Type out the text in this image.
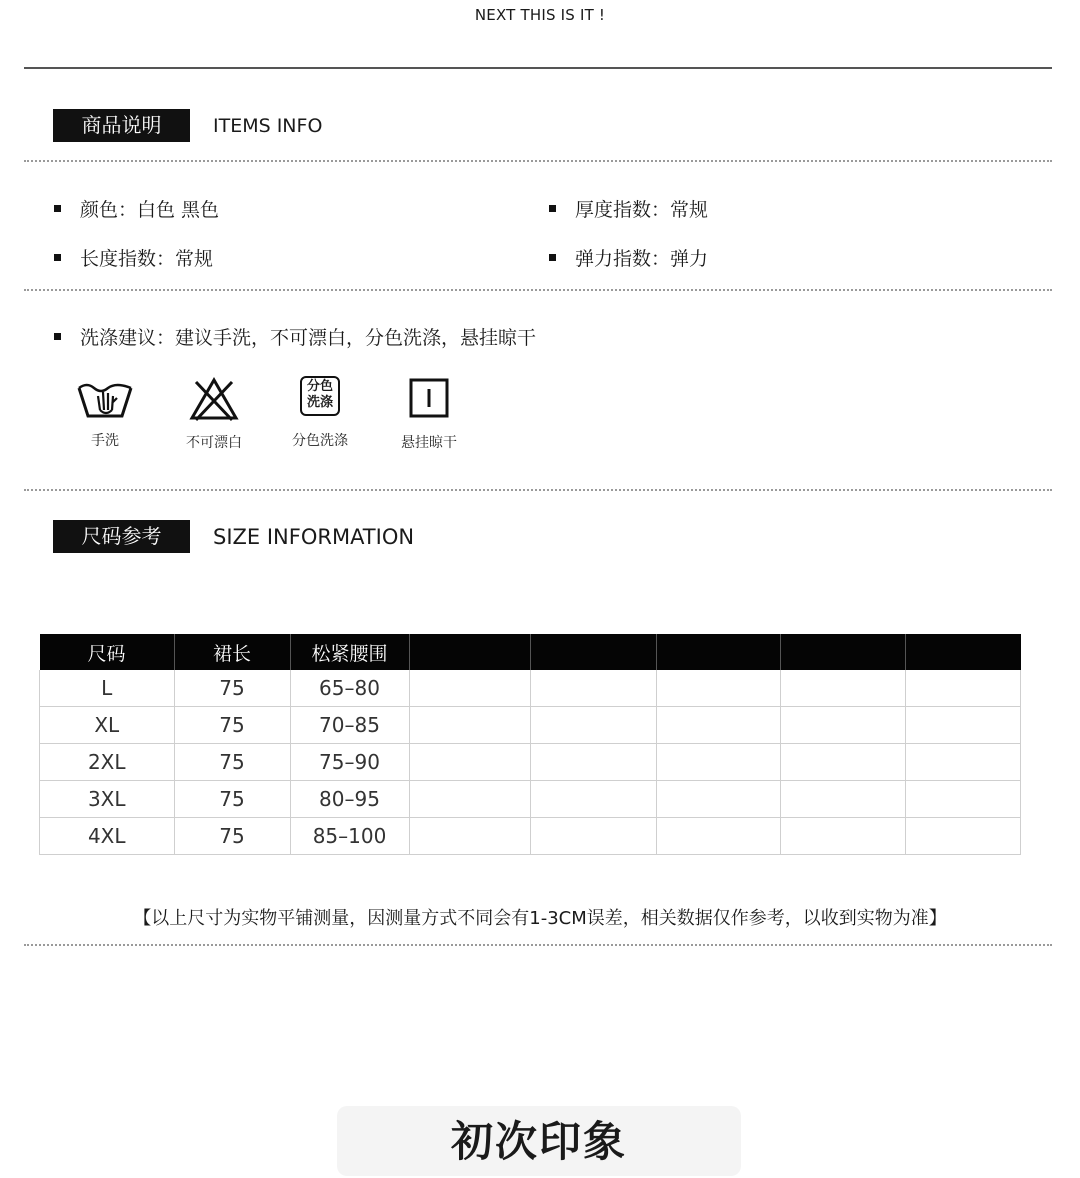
NEXT THIS IS IT !
商品说明	ITEMS INFO
颜色：白色 黑色	厚度指数：常规
长度指数：常规	弹力指数：弹力
洗涤建议：建议手洗，不可漂白，分色洗涤，悬挂晾干
手洗	不可漂白
分色
洗涤
分色洗涤	悬挂晾干
尺码参考	SIZE INFORMATION
尺码	裙长	松紧腰围					
L	75	65–80					
XL	75	70–85					
2XL	75	75–90					
3XL	75	80–95					
4XL	75	85–100					
【以上尺寸为实物平铺测量，因测量方式不同会有1-3CM误差，相关数据仅作参考，以收到实物为准】
初次印象
